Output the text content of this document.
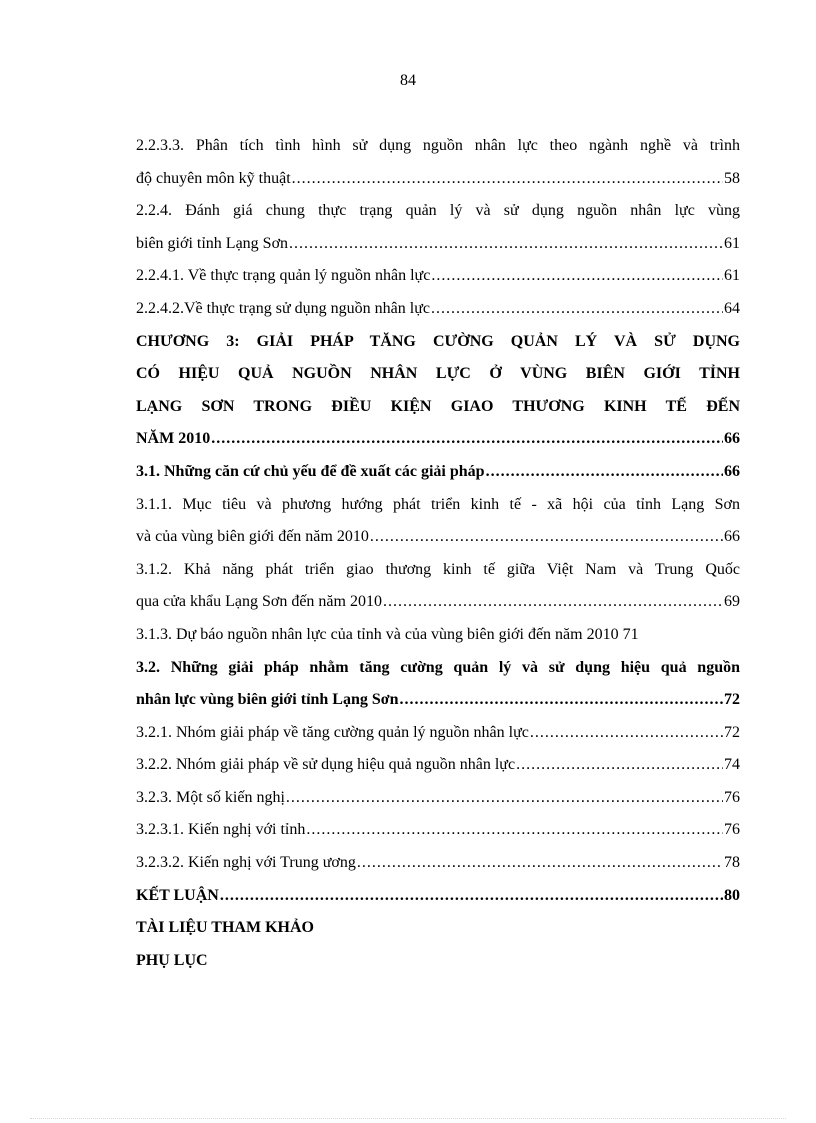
84
2.2.3.3. Phân tích tình hình sử dụng nguồn nhân lực theo ngành nghề và trình
độ chuyên môn kỹ thuật .....	58
2.2.4. Đánh giá chung thực trạng quản lý và sử dụng nguồn nhân lực vùng
biên giới tỉnh Lạng Sơn .....	61
2.2.4.1. Về thực trạng quản lý nguồn nhân lực .....	61
2.2.4.2.Về thực trạng sử dụng nguồn nhân lực .....	64
CHƯƠNG 3: GIẢI PHÁP TĂNG CƯỜNG QUẢN LÝ VÀ SỬ DỤNG
CÓ HIỆU QUẢ NGUỒN NHÂN LỰC Ở VÙNG BIÊN GIỚI TỈNH
LẠNG SƠN TRONG ĐIỀU KIỆN GIAO THƯƠNG KINH TẾ ĐẾN
NĂM 2010 .....	66
3.1. Những căn cứ chủ yếu để đề xuất các giải pháp .....	66
3.1.1. Mục tiêu và phương hướng phát triển kinh tế - xã hội của tỉnh Lạng Sơn
và của vùng biên giới đến năm 2010 .....	66
3.1.2. Khả năng phát triển giao thương kinh tế giữa Việt Nam và Trung Quốc
qua cửa khẩu Lạng Sơn đến năm 2010 .....	69
3.1.3. Dự báo nguồn nhân lực của tỉnh và của vùng biên giới đến năm 2010 71
3.2. Những giải pháp nhằm tăng cường quản lý và sử dụng hiệu quả nguồn
nhân lực vùng biên giới tỉnh Lạng Sơn .....	72
3.2.1. Nhóm giải pháp về tăng cường quản lý nguồn nhân lực .....	72
3.2.2. Nhóm giải pháp về sử dụng hiệu quả nguồn nhân lực .....	74
3.2.3. Một số kiến nghị .....	76
3.2.3.1. Kiến nghị với tỉnh .....	76
3.2.3.2. Kiến nghị với Trung ương .....	78
KẾT LUẬN .....	80
TÀI LIỆU THAM KHẢO
PHỤ LỤC
